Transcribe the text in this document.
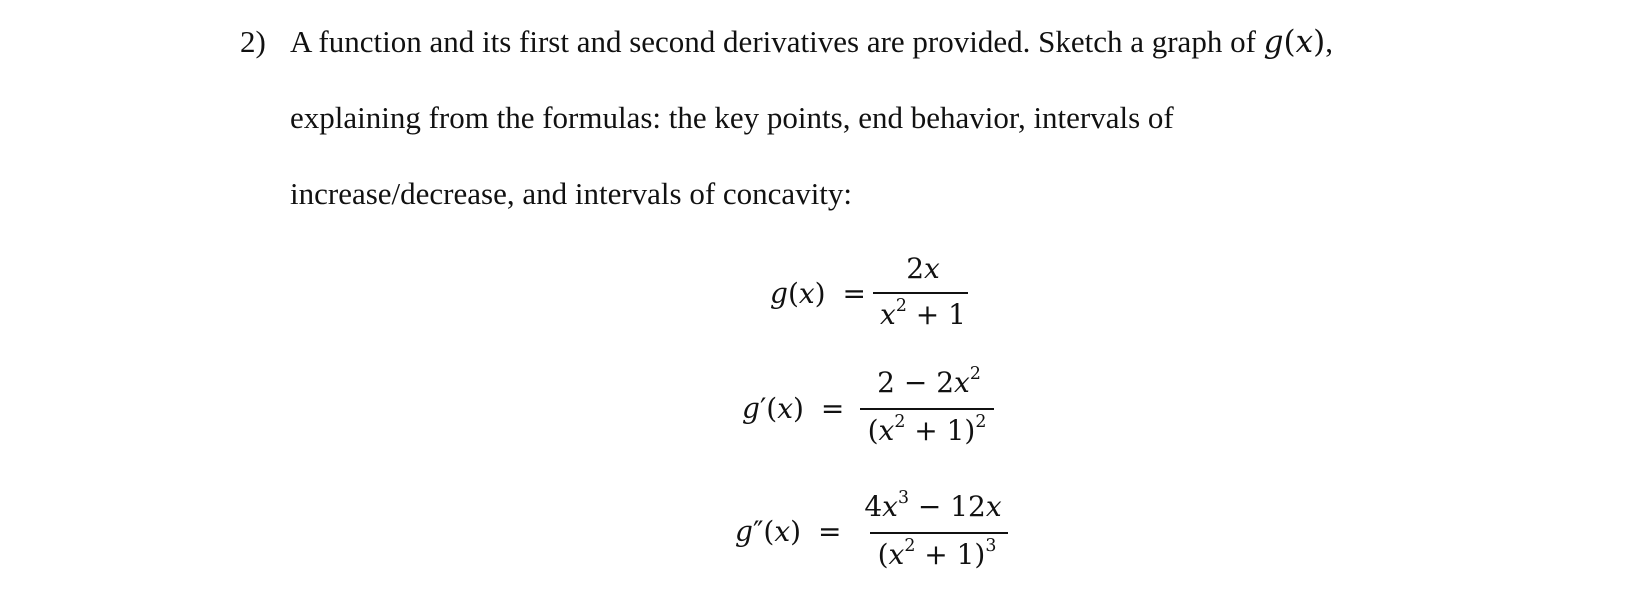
2) A function and its first and second derivatives are provided. Sketch a graph of g(x),
explaining from the formulas: the key points, end behavior, intervals of
increase/decrease, and intervals of concavity:
g(x) =
2x
$x^2 + 1$
g′(x) =
$2 - 2x^2$
$(x^2 + 1)^2$
g″(x) =
$4x^3 - 12x$
$(x^2 + 1)^3$
